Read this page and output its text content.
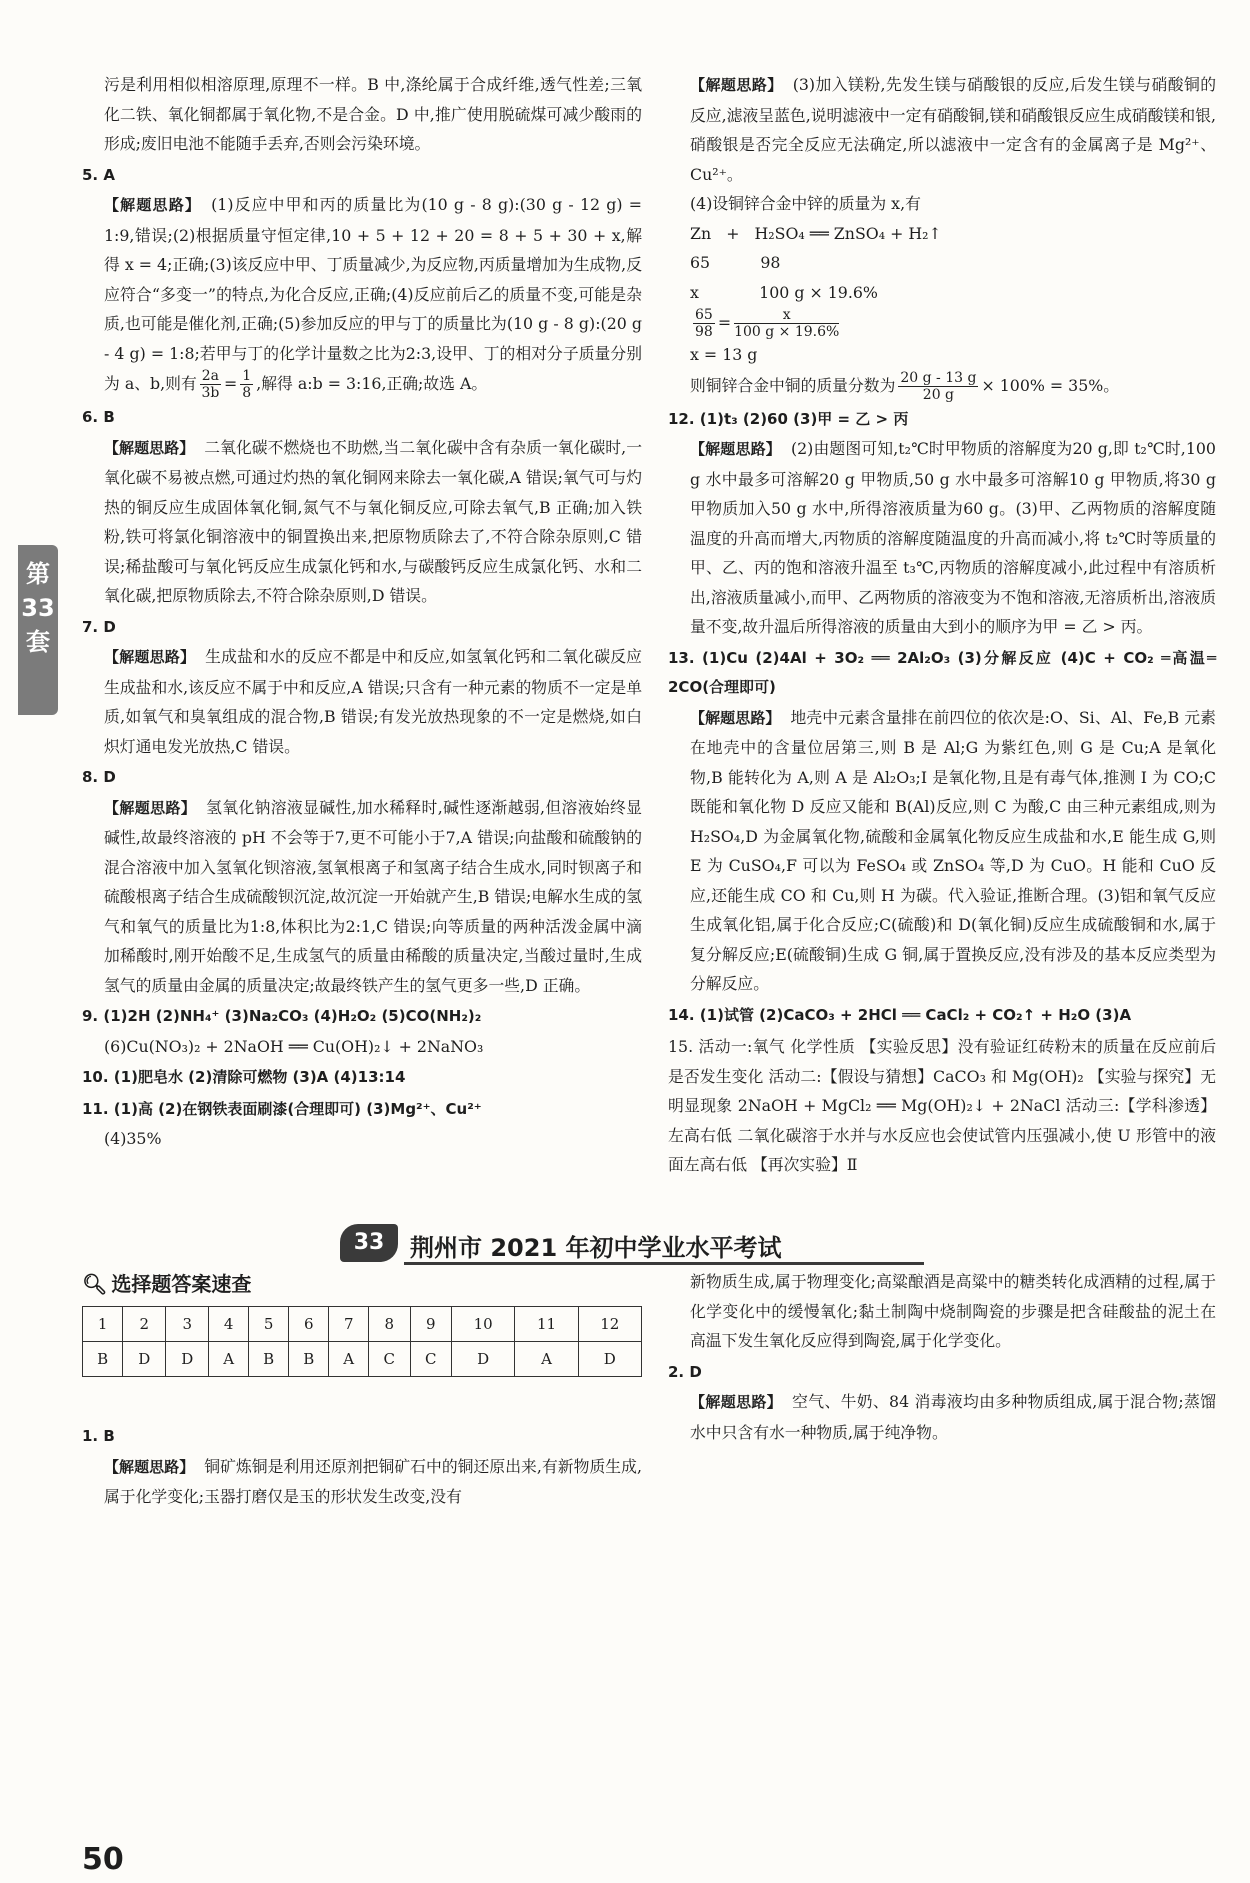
第33套

污是利用相似相溶原理,原理不一样。B 中,涤纶属于合成纤维,透气性差;三氧化二铁、氧化铜都属于氧化物,不是合金。D 中,推广使用脱硫煤可减少酸雨的形成;废旧电池不能随手丢弃,否则会污染环境。

5. A

【解题思路】 (1)反应中甲和丙的质量比为(10 g - 8 g):(30 g - 12 g) = 1:9,错误;(2)根据质量守恒定律,10 + 5 + 12 + 20 = 8 + 5 + 30 + x,解得 x = 4;正确;(3)该反应中甲、丁质量减少,为反应物,丙质量增加为生成物,反应符合“多变一”的特点,为化合反应,正确;(4)反应前后乙的质量不变,可能是杂质,也可能是催化剂,正确;(5)参加反应的甲与丁的质量比为(10 g - 8 g):(20 g - 4 g) = 1:8;若甲与丁的化学计量数之比为2:3,设甲、丁的相对分子质量分别为 a、b,则有 $\frac{2a}{3b} = \frac{1}{8}$ ,解得 a:b = 3:16,正确;故选 A。

6. B

【解题思路】 二氧化碳不燃烧也不助燃,当二氧化碳中含有杂质一氧化碳时,一氧化碳不易被点燃,可通过灼热的氧化铜网来除去一氧化碳,A 错误;氧气可与灼热的铜反应生成固体氧化铜,氮气不与氧化铜反应,可除去氧气,B 正确;加入铁粉,铁可将氯化铜溶液中的铜置换出来,把原物质除去了,不符合除杂原则,C 错误;稀盐酸可与氧化钙反应生成氯化钙和水,与碳酸钙反应生成氯化钙、水和二氧化碳,把原物质除去,不符合除杂原则,D 错误。

7. D

【解题思路】 生成盐和水的反应不都是中和反应,如氢氧化钙和二氧化碳反应生成盐和水,该反应不属于中和反应,A 错误;只含有一种元素的物质不一定是单质,如氧气和臭氧组成的混合物,B 错误;有发光放热现象的不一定是燃烧,如白炽灯通电发光放热,C 错误。

8. D

【解题思路】 氢氧化钠溶液显碱性,加水稀释时,碱性逐渐越弱,但溶液始终显碱性,故最终溶液的 pH 不会等于7,更不可能小于7,A 错误;向盐酸和硫酸钠的混合溶液中加入氢氧化钡溶液,氢氧根离子和氢离子结合生成水,同时钡离子和硫酸根离子结合生成硫酸钡沉淀,故沉淀一开始就产生,B 错误;电解水生成的氢气和氧气的质量比为1:8,体积比为2:1,C 错误;向等质量的两种活泼金属中滴加稀酸时,刚开始酸不足,生成氢气的质量由稀酸的质量决定,当酸过量时,生成氢气的质量由金属的质量决定;故最终铁产生的氢气更多一些,D 正确。

9. (1)2H (2)NH₄⁺ (3)Na₂CO₃ (4)H₂O₂ (5)CO(NH₂)₂

(6)Cu(NO₃)₂ + 2NaOH ══ Cu(OH)₂↓ + 2NaNO₃

10. (1)肥皂水 (2)清除可燃物 (3)A (4)13:14

11. (1)高 (2)在钢铁表面刷漆(合理即可) (3)Mg²⁺、Cu²⁺

(4)35%

【解题思路】 (3)加入镁粉,先发生镁与硝酸银的反应,后发生镁与硝酸铜的反应,滤液呈蓝色,说明滤液中一定有硝酸铜,镁和硝酸银反应生成硝酸镁和银,硝酸银是否完全反应无法确定,所以滤液中一定含有的金属离子是 Mg²⁺、Cu²⁺。

(4)设铜锌合金中锌的质量为 x,有

Zn   +   H₂SO₄ ══ ZnSO₄ + H₂↑

65          98

x            100 g × 19.6%

$\frac{65}{98} = \frac{x}{100 g \times 19.6\%}$

x = 13 g

则铜锌合金中铜的质量分数为 $\frac{20 g - 13 g}{20 g} \times 100\% = 35\%$。

12. (1)t₃ (2)60 (3)甲 = 乙 > 丙

【解题思路】 (2)由题图可知,t₂℃时甲物质的溶解度为20 g,即 t₂℃时,100 g 水中最多可溶解20 g 甲物质,50 g 水中最多可溶解10 g 甲物质,将30 g 甲物质加入50 g 水中,所得溶液质量为60 g。(3)甲、乙两物质的溶解度随温度的升高而增大,丙物质的溶解度随温度的升高而减小,将 t₂℃时等质量的甲、乙、丙的饱和溶液升温至 t₃℃,丙物质的溶解度减小,此过程中有溶质析出,溶液质量减小,而甲、乙两物质的溶液变为不饱和溶液,无溶质析出,溶液质量不变,故升温后所得溶液的质量由大到小的顺序为甲 = 乙 > 丙。

13. (1)Cu (2)4Al + 3O₂ ══ 2Al₂O₃ (3)分解反应 (4)C + CO₂ ═高温═ 2CO(合理即可)

【解题思路】 地壳中元素含量排在前四位的依次是:O、Si、Al、Fe,B 元素在地壳中的含量位居第三,则 B 是 Al;G 为紫红色,则 G 是 Cu;A 是氧化物,B 能转化为 A,则 A 是 Al₂O₃;I 是氧化物,且是有毒气体,推测 I 为 CO;C 既能和氧化物 D 反应又能和 B(Al)反应,则 C 为酸,C 由三种元素组成,则为 H₂SO₄,D 为金属氧化物,硫酸和金属氧化物反应生成盐和水,E 能生成 G,则 E 为 CuSO₄,F 可以为 FeSO₄ 或 ZnSO₄ 等,D 为 CuO。H 能和 CuO 反应,还能生成 CO 和 Cu,则 H 为碳。代入验证,推断合理。(3)铝和氧气反应生成氧化铝,属于化合反应;C(硫酸)和 D(氧化铜)反应生成硫酸铜和水,属于复分解反应;E(硫酸铜)生成 G 铜,属于置换反应,没有涉及的基本反应类型为分解反应。

14. (1)试管 (2)CaCO₃ + 2HCl ══ CaCl₂ + CO₂↑ + H₂O (3)A

15. 活动一:氧气 化学性质 【实验反思】没有验证红砖粉末的质量在反应前后是否发生变化 活动二:【假设与猜想】CaCO₃ 和 Mg(OH)₂ 【实验与探究】无明显现象 2NaOH + MgCl₂ ══ Mg(OH)₂↓ + 2NaCl 活动三:【学科渗透】左高右低 二氧化碳溶于水并与水反应也会使试管内压强减小,使 U 形管中的液面左高右低 【再次实验】Ⅱ

33	荆州市 2021 年初中学业水平考试
🔍︎ 选择题答案速查
1	2	3	4	5	6	7	8	9	10	11	12
B	D	D	A	B	B	A	C	C	D	A	D

1. B

【解题思路】 铜矿炼铜是利用还原剂把铜矿石中的铜还原出来,有新物质生成,属于化学变化;玉器打磨仅是玉的形状发生改变,没有

新物质生成,属于物理变化;高粱酿酒是高粱中的糖类转化成酒精的过程,属于化学变化中的缓慢氧化;黏土制陶中烧制陶瓷的步骤是把含硅酸盐的泥土在高温下发生氧化反应得到陶瓷,属于化学变化。

2. D

【解题思路】 空气、牛奶、84 消毒液均由多种物质组成,属于混合物;蒸馏水中只含有水一种物质,属于纯净物。

50
